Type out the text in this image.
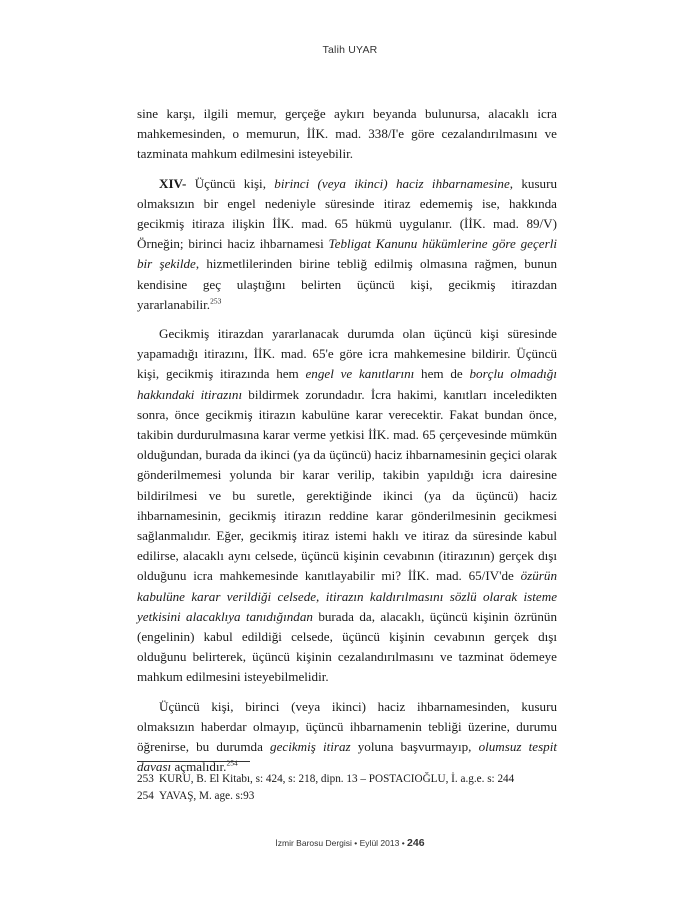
Talih UYAR

sine karşı, ilgili memur, gerçeğe aykırı beyanda bulunursa, alacaklı icra mahkemesinden, o memurun, İİK. mad. 338/I'e göre cezalandırılmasını ve tazminata mahkum edilmesini isteyebilir.

XIV- Üçüncü kişi, birinci (veya ikinci) haciz ihbarnamesine, kusuru olmaksızın bir engel nedeniyle süresinde itiraz edememiş ise, hakkında gecikmiş itiraza ilişkin İİK. mad. 65 hükmü uygulanır. (İİK. mad. 89/V) Örneğin; birinci haciz ihbarnamesi Tebligat Kanunu hükümlerine göre geçerli bir şekilde, hizmetlilerinden birine tebliğ edilmiş olmasına rağmen, bunun kendisine geç ulaştığını belirten üçüncü kişi, gecikmiş itirazdan yararlanabilir.$^{253}$

Gecikmiş itirazdan yararlanacak durumda olan üçüncü kişi süresinde yapamadığı itirazını, İİK. mad. 65'e göre icra mahkemesine bildirir. Üçüncü kişi, gecikmiş itirazında hem engel ve kanıtlarını hem de borçlu olmadığı hakkındaki itirazını bildirmek zorundadır. İcra hakimi, kanıtları inceledikten sonra, önce gecikmiş itirazın kabulüne karar verecektir. Fakat bundan önce, takibin durdurulmasına karar verme yetkisi İİK. mad. 65 çerçevesinde mümkün olduğundan, burada da ikinci (ya da üçüncü) haciz ihbarnamesinin geçici olarak gönderilmemesi yolunda bir karar verilip, takibin yapıldığı icra dairesine bildirilmesi ve bu suretle, gerektiğinde ikinci (ya da üçüncü) haciz ihbarnamesinin, gecikmiş itirazın reddine karar gönderilmesinin gecikmesi sağlanmalıdır. Eğer, gecikmiş itiraz istemi haklı ve itiraz da süresinde kabul edilirse, alacaklı aynı celsede, üçüncü kişinin cevabının (itirazının) gerçek dışı olduğunu icra mahkemesinde kanıtlayabilir mi? İİK. mad. 65/IV'de özürün kabulüne karar verildiği celsede, itirazın kaldırılmasını sözlü olarak isteme yetkisini alacaklıya tanıdığından burada da, alacaklı, üçüncü kişinin özrünün (engelinin) kabul edildiği celsede, üçüncü kişinin cevabının gerçek dışı olduğunu belirterek, üçüncü kişinin cezalandırılmasını ve tazminat ödemeye mahkum edilmesini isteyebilmelidir.

Üçüncü kişi, birinci (veya ikinci) haciz ihbarnamesinden, kusuru olmaksızın haberdar olmayıp, üçüncü ihbarnamenin tebliği üzerine, durumu öğrenirse, bu durumda gecikmiş itiraz yoluna başvurmayıp, olumsuz tespit davası açmalıdır.$^{254}$

253 KURU, B. El Kitabı, s: 424, s: 218, dipn. 13 – POSTACIOĞLU, İ. a.g.e. s: 244
254 YAVAŞ, M. age. s:93
İzmir Barosu Dergisi • Eylül 2013 • 246
